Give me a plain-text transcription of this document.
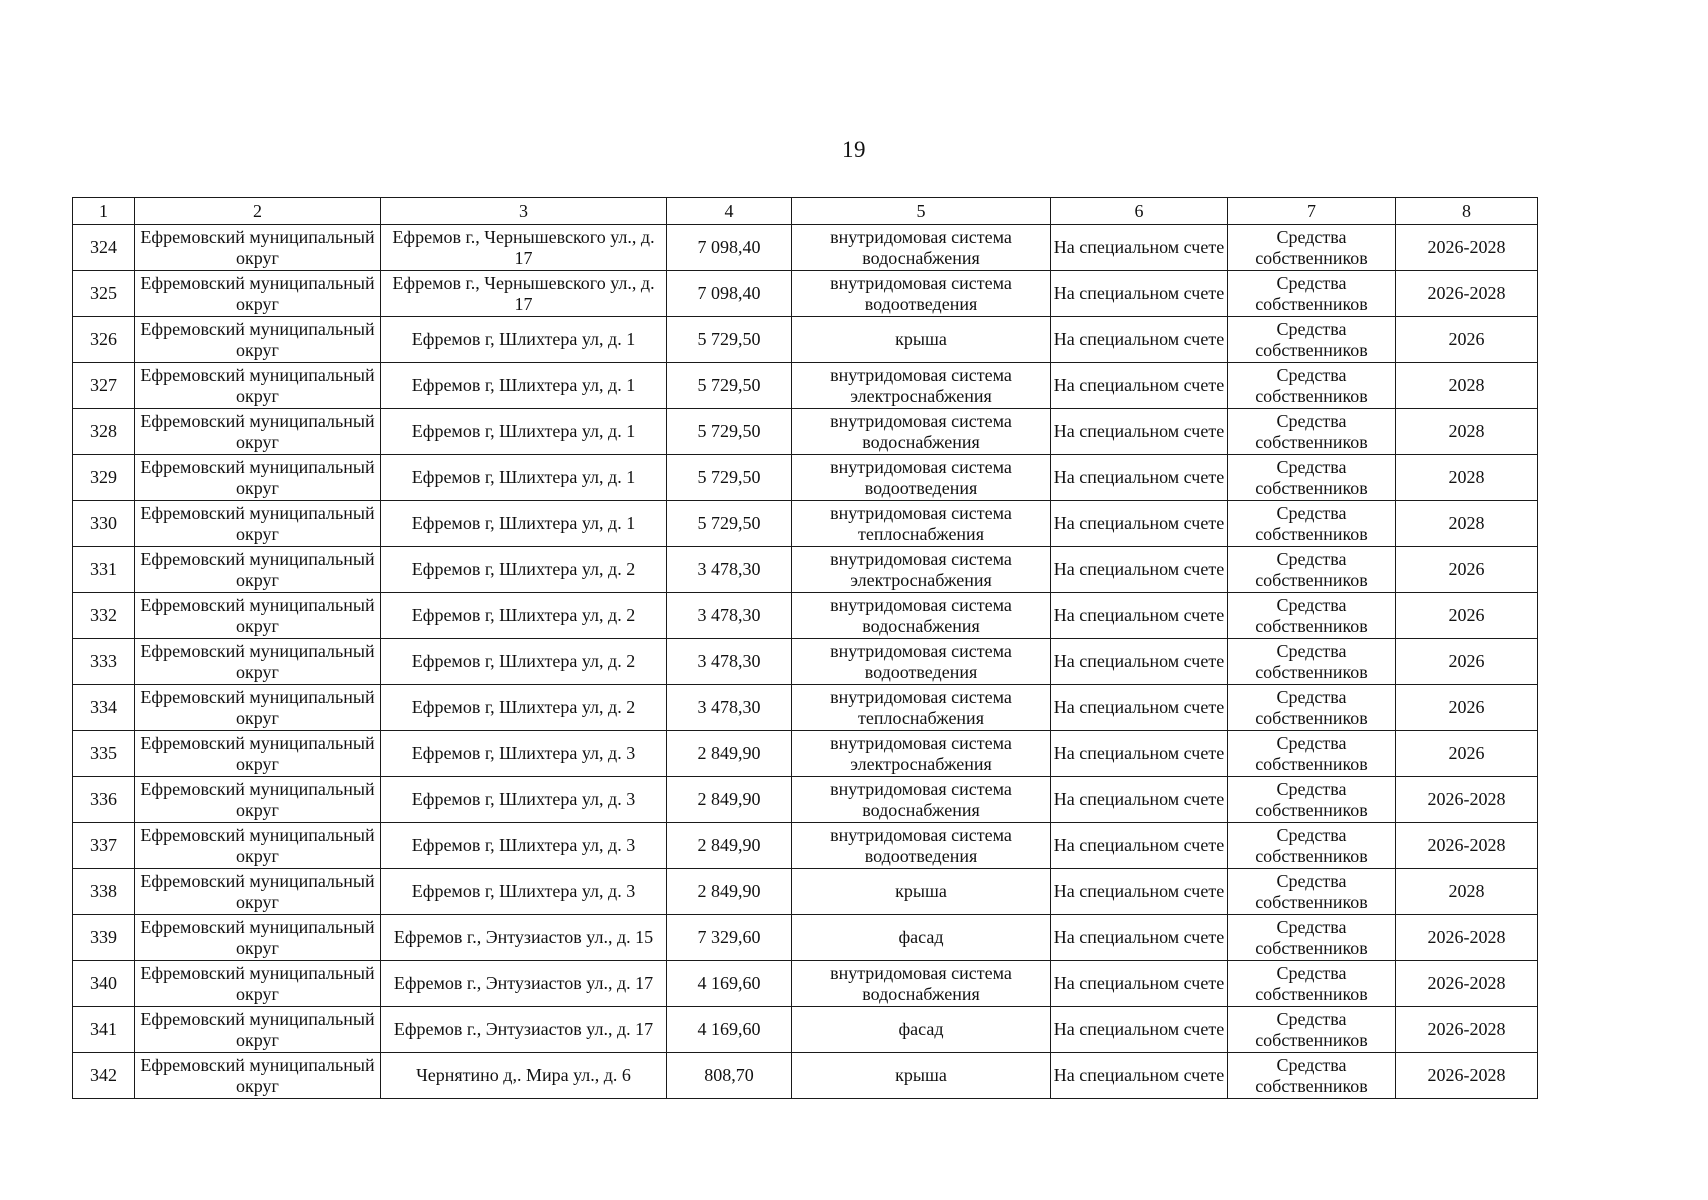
19
1	2	3	4	5	6	7	8
324	Ефремовский муниципальный округ	Ефремов г., Чернышевского ул., д. 17	7 098,40	внутридомовая система водоснабжения	На специальном счете	Средства собственников	2026-2028
325	Ефремовский муниципальный округ	Ефремов г., Чернышевского ул., д. 17	7 098,40	внутридомовая система водоотведения	На специальном счете	Средства собственников	2026-2028
326	Ефремовский муниципальный округ	Ефремов г, Шлихтера ул, д. 1	5 729,50	крыша	На специальном счете	Средства собственников	2026
327	Ефремовский муниципальный округ	Ефремов г, Шлихтера ул, д. 1	5 729,50	внутридомовая система электроснабжения	На специальном счете	Средства собственников	2028
328	Ефремовский муниципальный округ	Ефремов г, Шлихтера ул, д. 1	5 729,50	внутридомовая система водоснабжения	На специальном счете	Средства собственников	2028
329	Ефремовский муниципальный округ	Ефремов г, Шлихтера ул, д. 1	5 729,50	внутридомовая система водоотведения	На специальном счете	Средства собственников	2028
330	Ефремовский муниципальный округ	Ефремов г, Шлихтера ул, д. 1	5 729,50	внутридомовая система теплоснабжения	На специальном счете	Средства собственников	2028
331	Ефремовский муниципальный округ	Ефремов г, Шлихтера ул, д. 2	3 478,30	внутридомовая система электроснабжения	На специальном счете	Средства собственников	2026
332	Ефремовский муниципальный округ	Ефремов г, Шлихтера ул, д. 2	3 478,30	внутридомовая система водоснабжения	На специальном счете	Средства собственников	2026
333	Ефремовский муниципальный округ	Ефремов г, Шлихтера ул, д. 2	3 478,30	внутридомовая система водоотведения	На специальном счете	Средства собственников	2026
334	Ефремовский муниципальный округ	Ефремов г, Шлихтера ул, д. 2	3 478,30	внутридомовая система теплоснабжения	На специальном счете	Средства собственников	2026
335	Ефремовский муниципальный округ	Ефремов г, Шлихтера ул, д. 3	2 849,90	внутридомовая система электроснабжения	На специальном счете	Средства собственников	2026
336	Ефремовский муниципальный округ	Ефремов г, Шлихтера ул, д. 3	2 849,90	внутридомовая система водоснабжения	На специальном счете	Средства собственников	2026-2028
337	Ефремовский муниципальный округ	Ефремов г, Шлихтера ул, д. 3	2 849,90	внутридомовая система водоотведения	На специальном счете	Средства собственников	2026-2028
338	Ефремовский муниципальный округ	Ефремов г, Шлихтера ул, д. 3	2 849,90	крыша	На специальном счете	Средства собственников	2028
339	Ефремовский муниципальный округ	Ефремов г., Энтузиастов ул., д. 15	7 329,60	фасад	На специальном счете	Средства собственников	2026-2028
340	Ефремовский муниципальный округ	Ефремов г., Энтузиастов ул., д. 17	4 169,60	внутридомовая система водоснабжения	На специальном счете	Средства собственников	2026-2028
341	Ефремовский муниципальный округ	Ефремов г., Энтузиастов ул., д. 17	4 169,60	фасад	На специальном счете	Средства собственников	2026-2028
342	Ефремовский муниципальный округ	Чернятино д,. Мира ул., д. 6	808,70	крыша	На специальном счете	Средства собственников	2026-2028
